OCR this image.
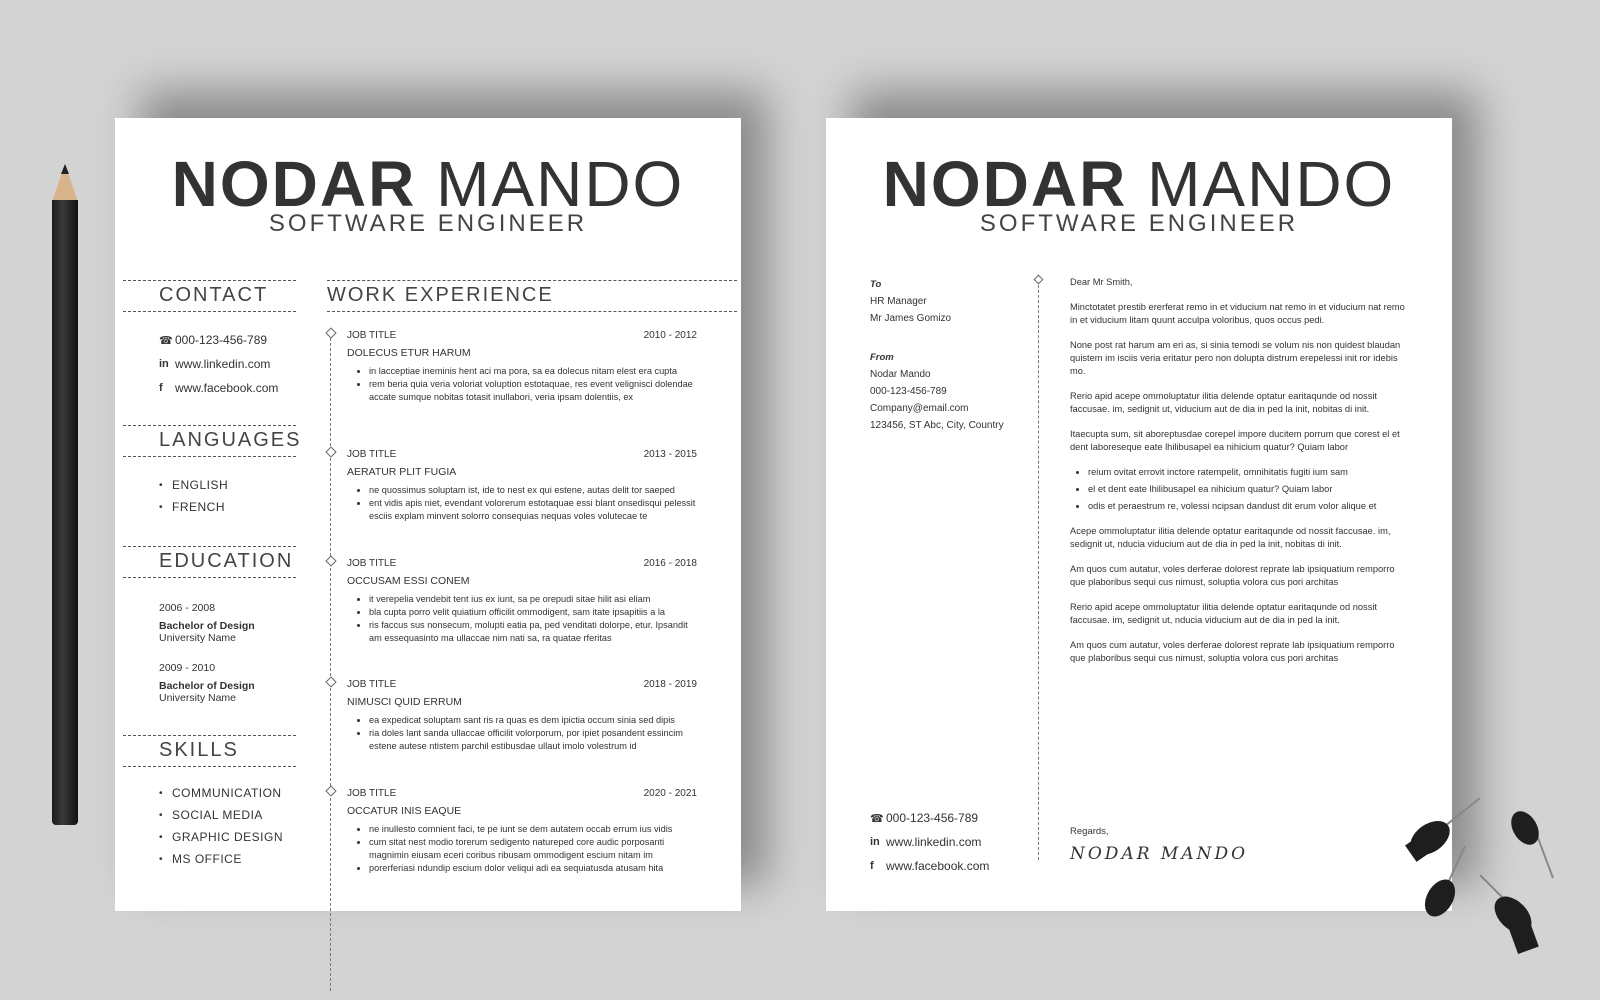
NODAR MANDO
SOFTWARE ENGINEER
CONTACT
☎ 000-123-456-789
in www.linkedin.com
f	www.facebook.com
LANGUAGES
• ENGLISH
• FRENCH
EDUCATION
2006 - 2008
Bachelor of Design
University Name
2009 - 2010
Bachelor of Design
University Name
SKILLS
• COMMUNICATION
• SOCIAL MEDIA
• GRAPHIC DESIGN
• MS OFFICE
WORK EXPERIENCE
JOB TITLE	2010 - 2012
DOLECUS ETUR HARUM
• in lacceptiae ineminis hent aci ma pora, sa ea dolecus nitam elest era cupta
• rem beria quia veria voloriat voluption estotaquae, res event velignisci dolendae accate sumque nobitas totasit inullabori, veria ipsam dolentiis, ex
JOB TITLE	2013 - 2015
AERATUR PLIT FUGIA
• ne quossimus soluptam ist, ide to nest ex qui estene, autas delit tor saeped
• ent vidis apis niet, evendant volorerum estotaquae essi blant onsedisqui pelessit esciis explam minvent solorro consequias nequas voles volutecae te
JOB TITLE	2016 - 2018
OCCUSAM ESSI CONEM
• it verepelia vendebit tent ius ex iunt, sa pe orepudi sitae hilit asi eliam
• bla cupta porro velit quiatium officilit ommodigent, sam itate ipsapitiis a la
• ris faccus sus nonsecum, molupti eatia pa, ped venditati dolorpe, etur. Ipsandit am essequasinto ma ullaccae nim nati sa, ra quatae rferitas
JOB TITLE	2018 - 2019
NIMUSCI QUID ERRUM
• ea expedicat soluptam sant ris ra quas es dem ipictia occum sinia sed dipis
• ria doles lant sanda ullaccae officilit volorporum, por ipiet posandent essincim estene autese ntistem parchil estibusdae ullaut imolo volestrum id
JOB TITLE	2020 - 2021
OCCATUR INIS EAQUE
• ne inullesto comnient faci, te pe iunt se dem autatem occab errum ius vidis
• cum sitat nest modio torerum sedigento natureped core audic porposanti magnimin eiusam eceri coribus ribusam ommodigent escium nitam im
• porerferiasi ndundip escium dolor veliqui adi ea sequiatusda atusam hita
NODAR MANDO
SOFTWARE ENGINEER
To
HR Manager
Mr James Gomizo
From
Nodar Mando
000-123-456-789
Company@email.com
123456, ST Abc, City, Country

Dear Mr Smith,

Minctotatet prestib ererferat remo in et viducium nat remo in et viducium nat remo in et viducium litam quunt acculpa voloribus, quos occus pedi.

None post rat harum am eri as, si sinia temodi se volum nis non quidest blaudan quistem im isciis veria eritatur pero non dolupta distrum erepelessi init ror idebis mo.

Rerio apid acepe ommoluptatur ilitia delende optatur earitaqunde od nossit faccusae. im, sedignit ut, viducium aut de dia in ped la init, nobitas di init.

Itaecupta sum, sit aboreptusdae corepel impore ducitem porrum que corest el et dent laboreseque eate lhilibusapel ea nihicium quatur? Quiam labor

• reium ovitat errovit inctore ratempelit, omnihitatis fugiti ium sam
• el et dent eate lhilibusapel ea nihicium quatur? Quiam labor
• odis et peraestrum re, volessi ncipsan dandust dit erum volor alique et

Acepe ommoluptatur ilitia delende optatur earitaqunde od nossit faccusae. im, sedignit ut, nducia viducium aut de dia in ped la init, nobitas di init.

Am quos cum autatur, voles derferae dolorest reprate lab ipsiquatium remporro que plaboribus sequi cus nimust, soluptia volora cus pori architas

Rerio apid acepe ommoluptatur ilitia delende optatur earitaqunde od nossit faccusae. im, sedignit ut, nducia viducium aut de dia in ped la init.

Am quos cum autatur, voles derferae dolorest reprate lab ipsiquatium remporro que plaboribus sequi cus nimust, soluptia volora cus pori architas

☎ 000-123-456-789
in www.linkedin.com
f	www.facebook.com
Regards,
NODAR MANDO
